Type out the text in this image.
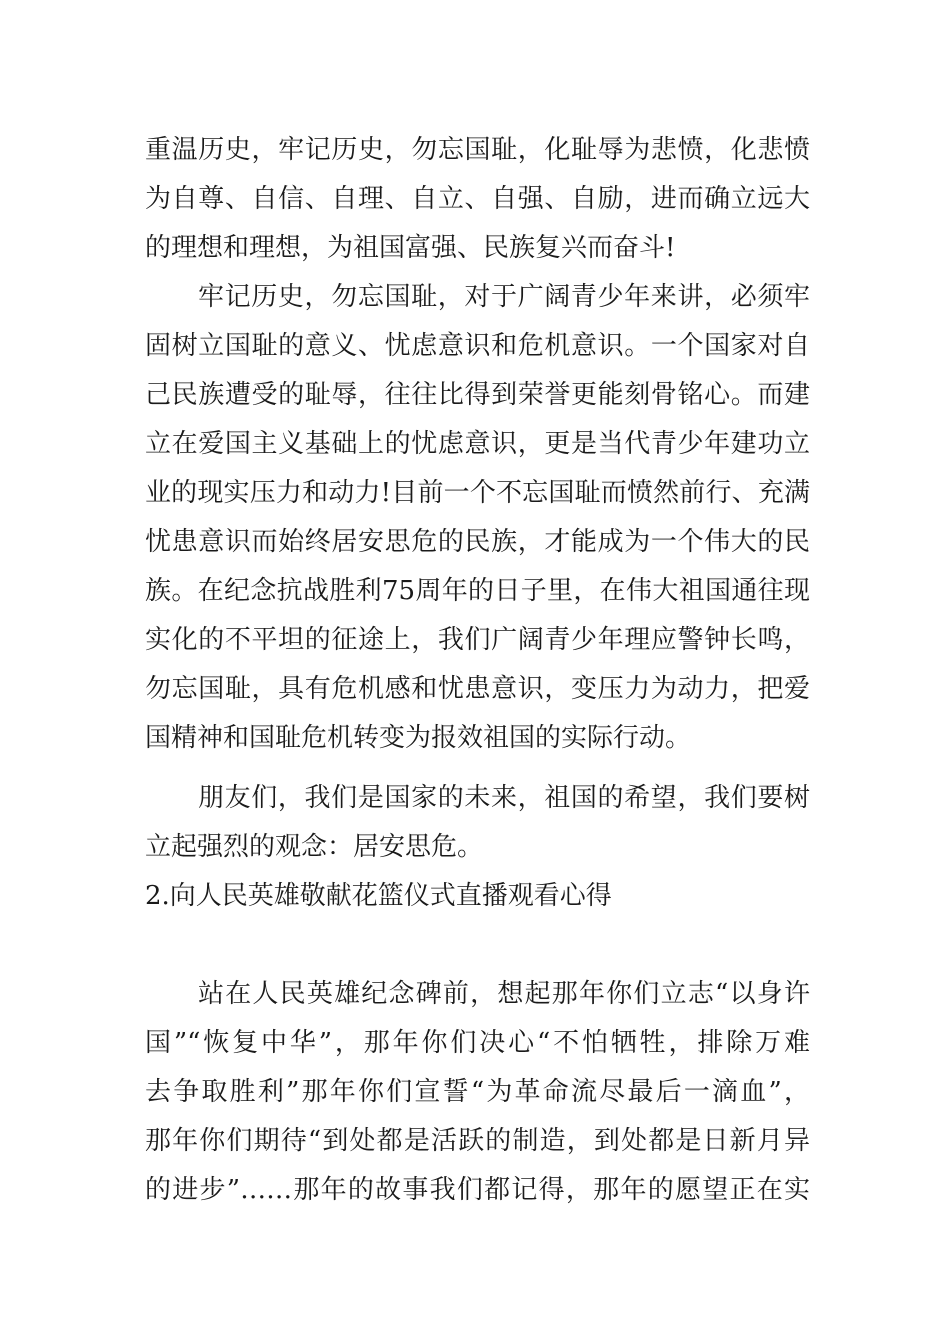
重温历史，牢记历史，勿忘国耻，化耻辱为悲愤，化悲愤
为自尊、自信、自理、自立、自强、自励，进而确立远大
的理想和理想，为祖国富强、民族复兴而奋斗!
牢记历史，勿忘国耻，对于广阔青少年来讲，必须牢
固树立国耻的意义、忧虑意识和危机意识。一个国家对自
己民族遭受的耻辱，往往比得到荣誉更能刻骨铭心。而建
立在爱国主义基础上的忧虑意识，更是当代青少年建功立
业的现实压力和动力!目前一个不忘国耻而愤然前行、充满
忧患意识而始终居安思危的民族，才能成为一个伟大的民
族。在纪念抗战胜利75周年的日子里，在伟大祖国通往现
实化的不平坦的征途上，我们广阔青少年理应警钟长鸣，
勿忘国耻，具有危机感和忧患意识，变压力为动力，把爱
国精神和国耻危机转变为报效祖国的实际行动。
朋友们，我们是国家的未来，祖国的希望，我们要树
立起强烈的观念：居安思危。
2.向人民英雄敬献花篮仪式直播观看心得
站在人民英雄纪念碑前，想起那年你们立志“以身许
国”“恢复中华”，那年你们决心“不怕牺牲，排除万难
去争取胜利”那年你们宣誓“为革命流尽最后一滴血”，
那年你们期待“到处都是活跃的制造，到处都是日新月异
的进步”……那年的故事我们都记得，那年的愿望正在实
